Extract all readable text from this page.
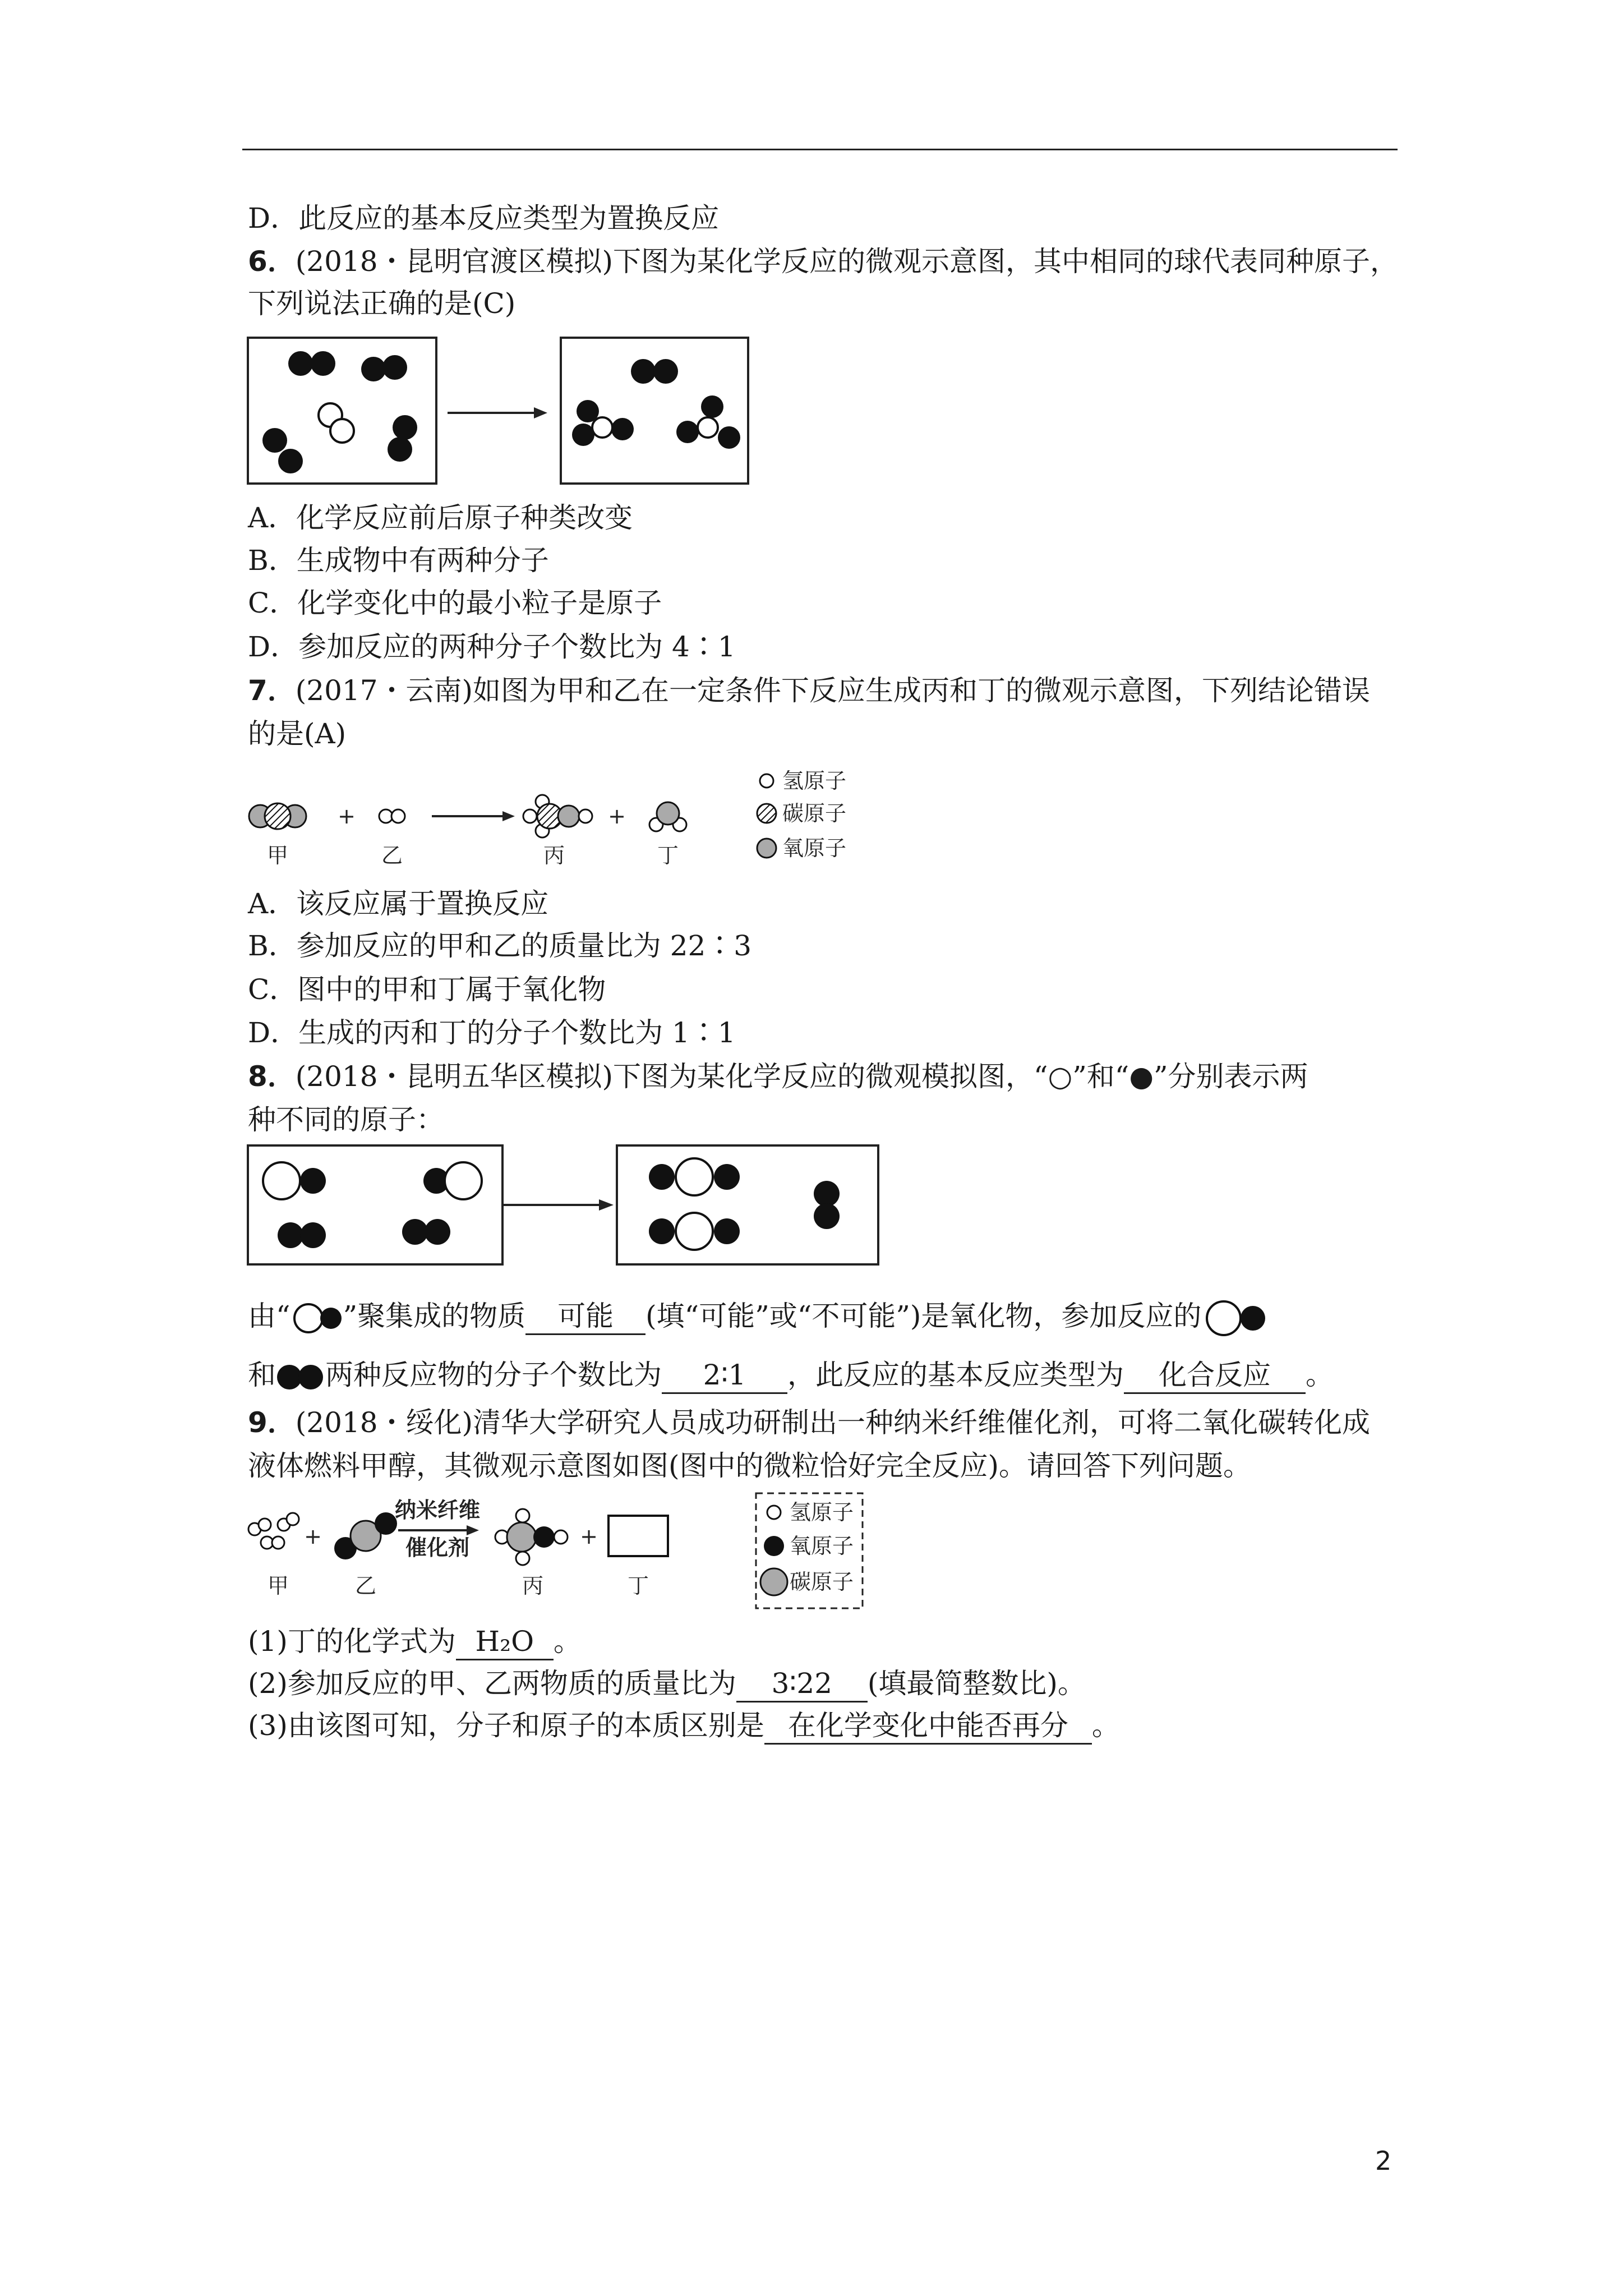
D．此反应的基本反应类型为置换反应
6．(2018・昆明官渡区模拟)下图为某化学反应的微观示意图，其中相同的球代表同种原子，
下列说法正确的是(C)
A．化学反应前后原子种类改变
B．生成物中有两种分子
C．化学变化中的最小粒子是原子
D．参加反应的两种分子个数比为 4∶1
7．(2017・云南)如图为甲和乙在一定条件下反应生成丙和丁的微观示意图，下列结论错误
的是(A)
+	+
甲	乙	丙	丁
氢原子
碳原子
氧原子
A．该反应属于置换反应
B．参加反应的甲和乙的质量比为 22∶3
C．图中的甲和丁属于氧化物
D．生成的丙和丁的分子个数比为 1∶1
8．(2018・昆明五华区模拟)下图为某化学反应的微观模拟图，“○”和“●”分别表示两
种不同的原子：
由“ ”聚集成的物质 可能 (填“可能”或“不可能”)是氧化物，参加反应的
和 两种反应物的分子个数比为 2∶1 ，此反应的基本反应类型为 化合反应 。
9．(2018・绥化)清华大学研究人员成功研制出一种纳米纤维催化剂，可将二氧化碳转化成
液体燃料甲醇，其微观示意图如图(图中的微粒恰好完全反应)。请回答下列问题。
+
纳米纤维
催化剂	+
甲	乙	丙	丁
氢原子
氧原子
碳原子
(1)丁的化学式为 H₂O 。
(2)参加反应的甲、乙两物质的质量比为 3∶22 (填最简整数比)。
(3)由该图可知，分子和原子的本质区别是 在化学变化中能否再分 。
2
